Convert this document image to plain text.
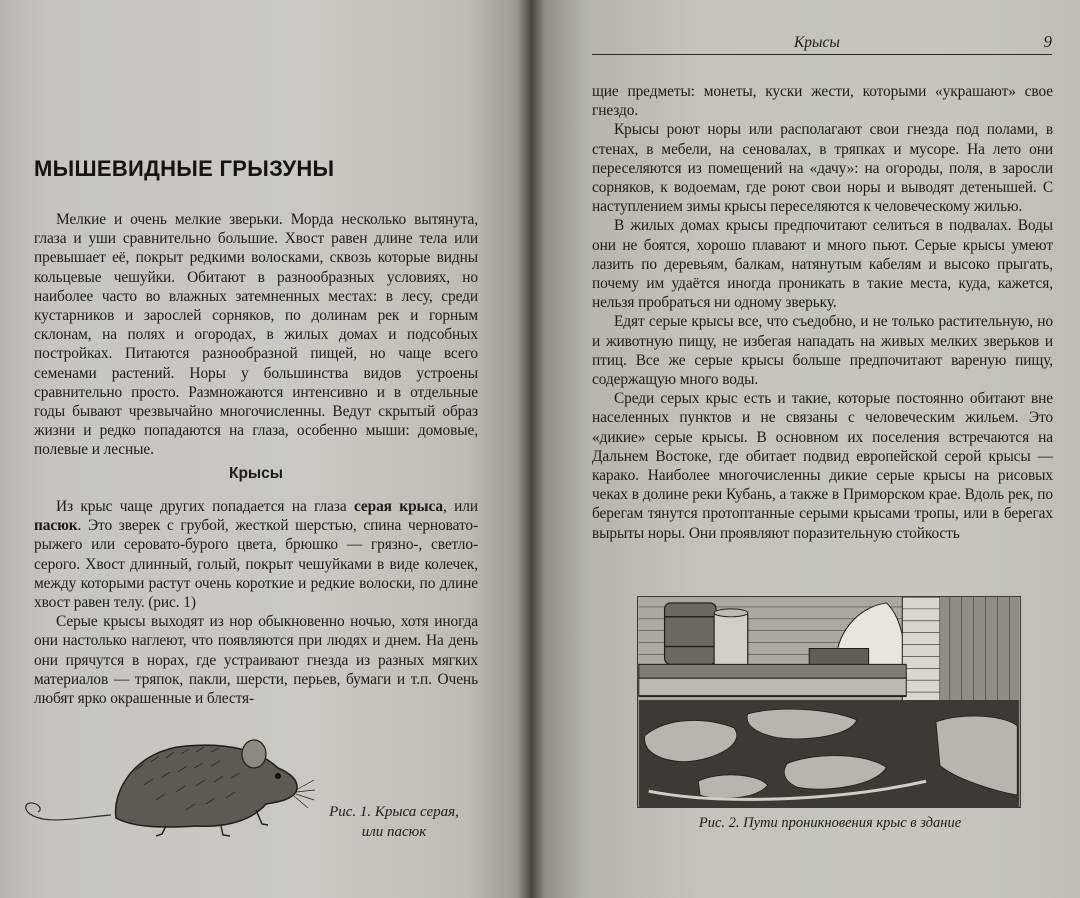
МЫШЕВИДНЫЕ ГРЫЗУНЫ

Мелкие и очень мелкие зверьки. Морда несколько вытянута, глаза и уши сравнительно большие. Хвост равен длине тела или превышает её, покрыт редкими волосками, сквозь которые видны кольцевые чешуйки. Обитают в разнообразных условиях, но наиболее часто во влажных затемненных местах: в лесу, среди кустарников и зарослей сорняков, по долинам рек и горным склонам, на полях и огородах, в жилых домах и подсобных постройках. Питаются разнообразной пищей, но чаще всего семенами растений. Норы у большинства видов устроены сравнительно просто. Размножаются интенсивно и в отдельные годы бывают чрезвычайно многочисленны. Ведут скрытый образ жизни и редко попадаются на глаза, особенно мыши: домовые, полевые и лесные.

Крысы

Из крыс чаще других попадается на глаза серая крыса, или пасюк. Это зверек с грубой, жесткой шерстью, спина черновато-рыжего или серовато-бурого цвета, брюшко — грязно-, светло-серого. Хвост длинный, голый, покрыт чешуйками в виде колечек, между которыми растут очень короткие и редкие волоски, по длине хвост равен телу. (рис. 1)

Серые крысы выходят из нор обыкновенно ночью, хотя иногда они настолько наглеют, что появляются при людях и днем. На день они прячутся в норах, где устраивают гнезда из разных мягких материалов — тряпок, пакли, шерсти, перьев, бумаги и т.п. Очень любят ярко окрашенные и блестя-

Рис. 1. Крыса серая,
или пасюк
Крысы	9

щие предметы: монеты, куски жести, которыми «украшают» свое гнездо.

Крысы роют норы или располагают свои гнезда под полами, в стенах, в мебели, на сеновалах, в тряпках и мусоре. На лето они переселяются из помещений на «дачу»: на огороды, поля, в заросли сорняков, к водоемам, где роют свои норы и выводят детенышей. С наступлением зимы крысы переселяются к человеческому жилью.

В жилых домах крысы предпочитают селиться в подвалах. Воды они не боятся, хорошо плавают и много пьют. Серые крысы умеют лазить по деревьям, балкам, натянутым кабелям и высоко прыгать, почему им удаётся иногда проникать в такие места, куда, кажется, нельзя пробраться ни одному зверьку.

Едят серые крысы все, что съедобно, и не только растительную, но и животную пищу, не избегая нападать на живых мелких зверьков и птиц. Все же серые крысы больше предпочитают вареную пищу, содержащую много воды.

Среди серых крыс есть и такие, которые постоянно обитают вне населенных пунктов и не связаны с человеческим жильем. Это «дикие» серые крысы. В основном их поселения встречаются на Дальнем Востоке, где обитает подвид европейской серой крысы — каракo. Наиболее многочисленны дикие серые крысы на рисовых чеках в долине реки Кубань, а также в Приморском крае. Вдоль рек, по берегам тянутся протоптанные серыми крысами тропы, или в берегах вырыты норы. Они проявляют поразительную стойкость

Рис. 2. Пути проникновения крыс в здание
